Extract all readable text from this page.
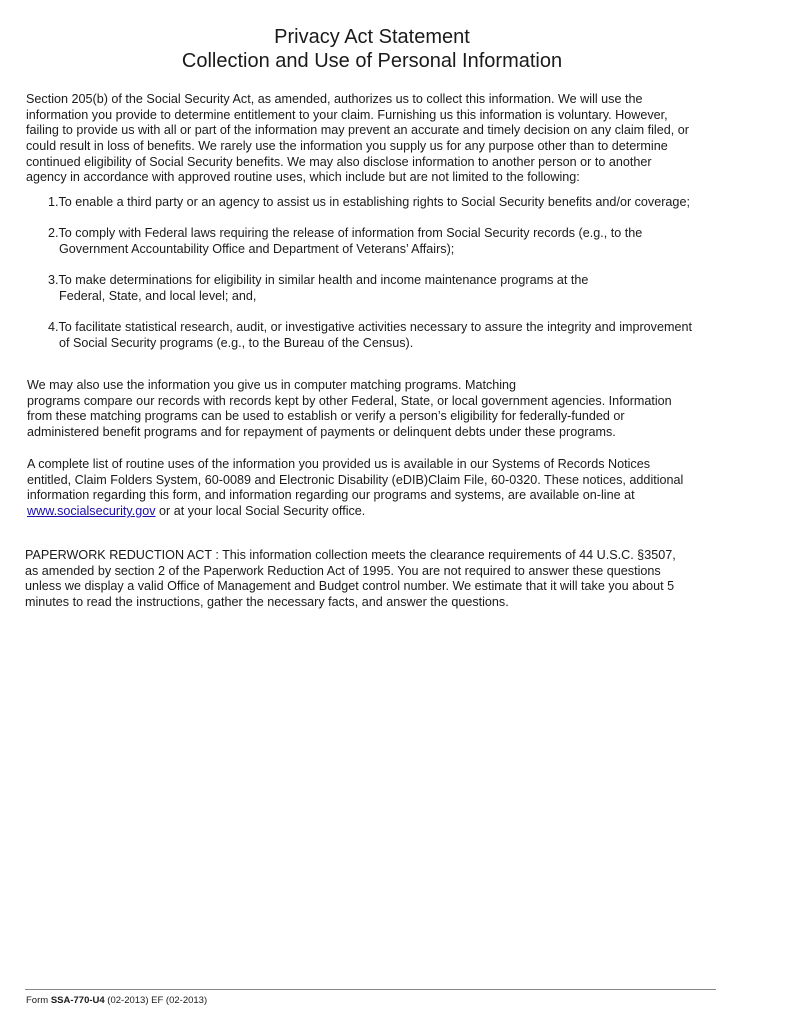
Privacy Act Statement
Collection and Use of Personal Information
Section 205(b) of the Social Security Act, as amended, authorizes us to collect this information. We will use the
information you provide to determine entitlement to your claim. Furnishing us this information is voluntary. However,
failing to provide us with all or part of the information may prevent an accurate and timely decision on any claim filed, or
could result in loss of benefits. We rarely use the information you supply us for any purpose other than to determine
continued eligibility of Social Security benefits. We may also disclose information to another person or to another
agency in accordance with approved routine uses, which include but are not limited to the following:
1.To enable a third party or an agency to assist us in establishing rights to Social Security benefits and/or coverage;
2.To comply with Federal laws requiring the release of information from Social Security records (e.g., to the
Government Accountability Office and Department of Veterans’ Affairs);
3.To make determinations for eligibility in similar health and income maintenance programs at the
Federal, State, and local level; and,
4.To facilitate statistical research, audit, or investigative activities necessary to assure the integrity and improvement
of Social Security programs (e.g., to the Bureau of the Census).
We may also use the information you give us in computer matching programs. Matching
programs compare our records with records kept by other Federal, State, or local government agencies. Information
from these matching programs can be used to establish or verify a person’s eligibility for federally-funded or
administered benefit programs and for repayment of payments or delinquent debts under these programs.
A complete list of routine uses of the information you provided us is available in our Systems of Records Notices
entitled, Claim Folders System, 60-0089 and Electronic Disability (eDIB)Claim File, 60-0320. These notices, additional
information regarding this form, and information regarding our programs and systems, are available on-line at
www.socialsecurity.gov or at your local Social Security office.
PAPERWORK REDUCTION ACT : This information collection meets the clearance requirements of 44 U.S.C. §3507,
as amended by section 2 of the Paperwork Reduction Act of 1995. You are not required to answer these questions
unless we display a valid Office of Management and Budget control number. We estimate that it will take you about 5
minutes to read the instructions, gather the necessary facts, and answer the questions.
Form SSA-770-U4 (02-2013) EF (02-2013)
